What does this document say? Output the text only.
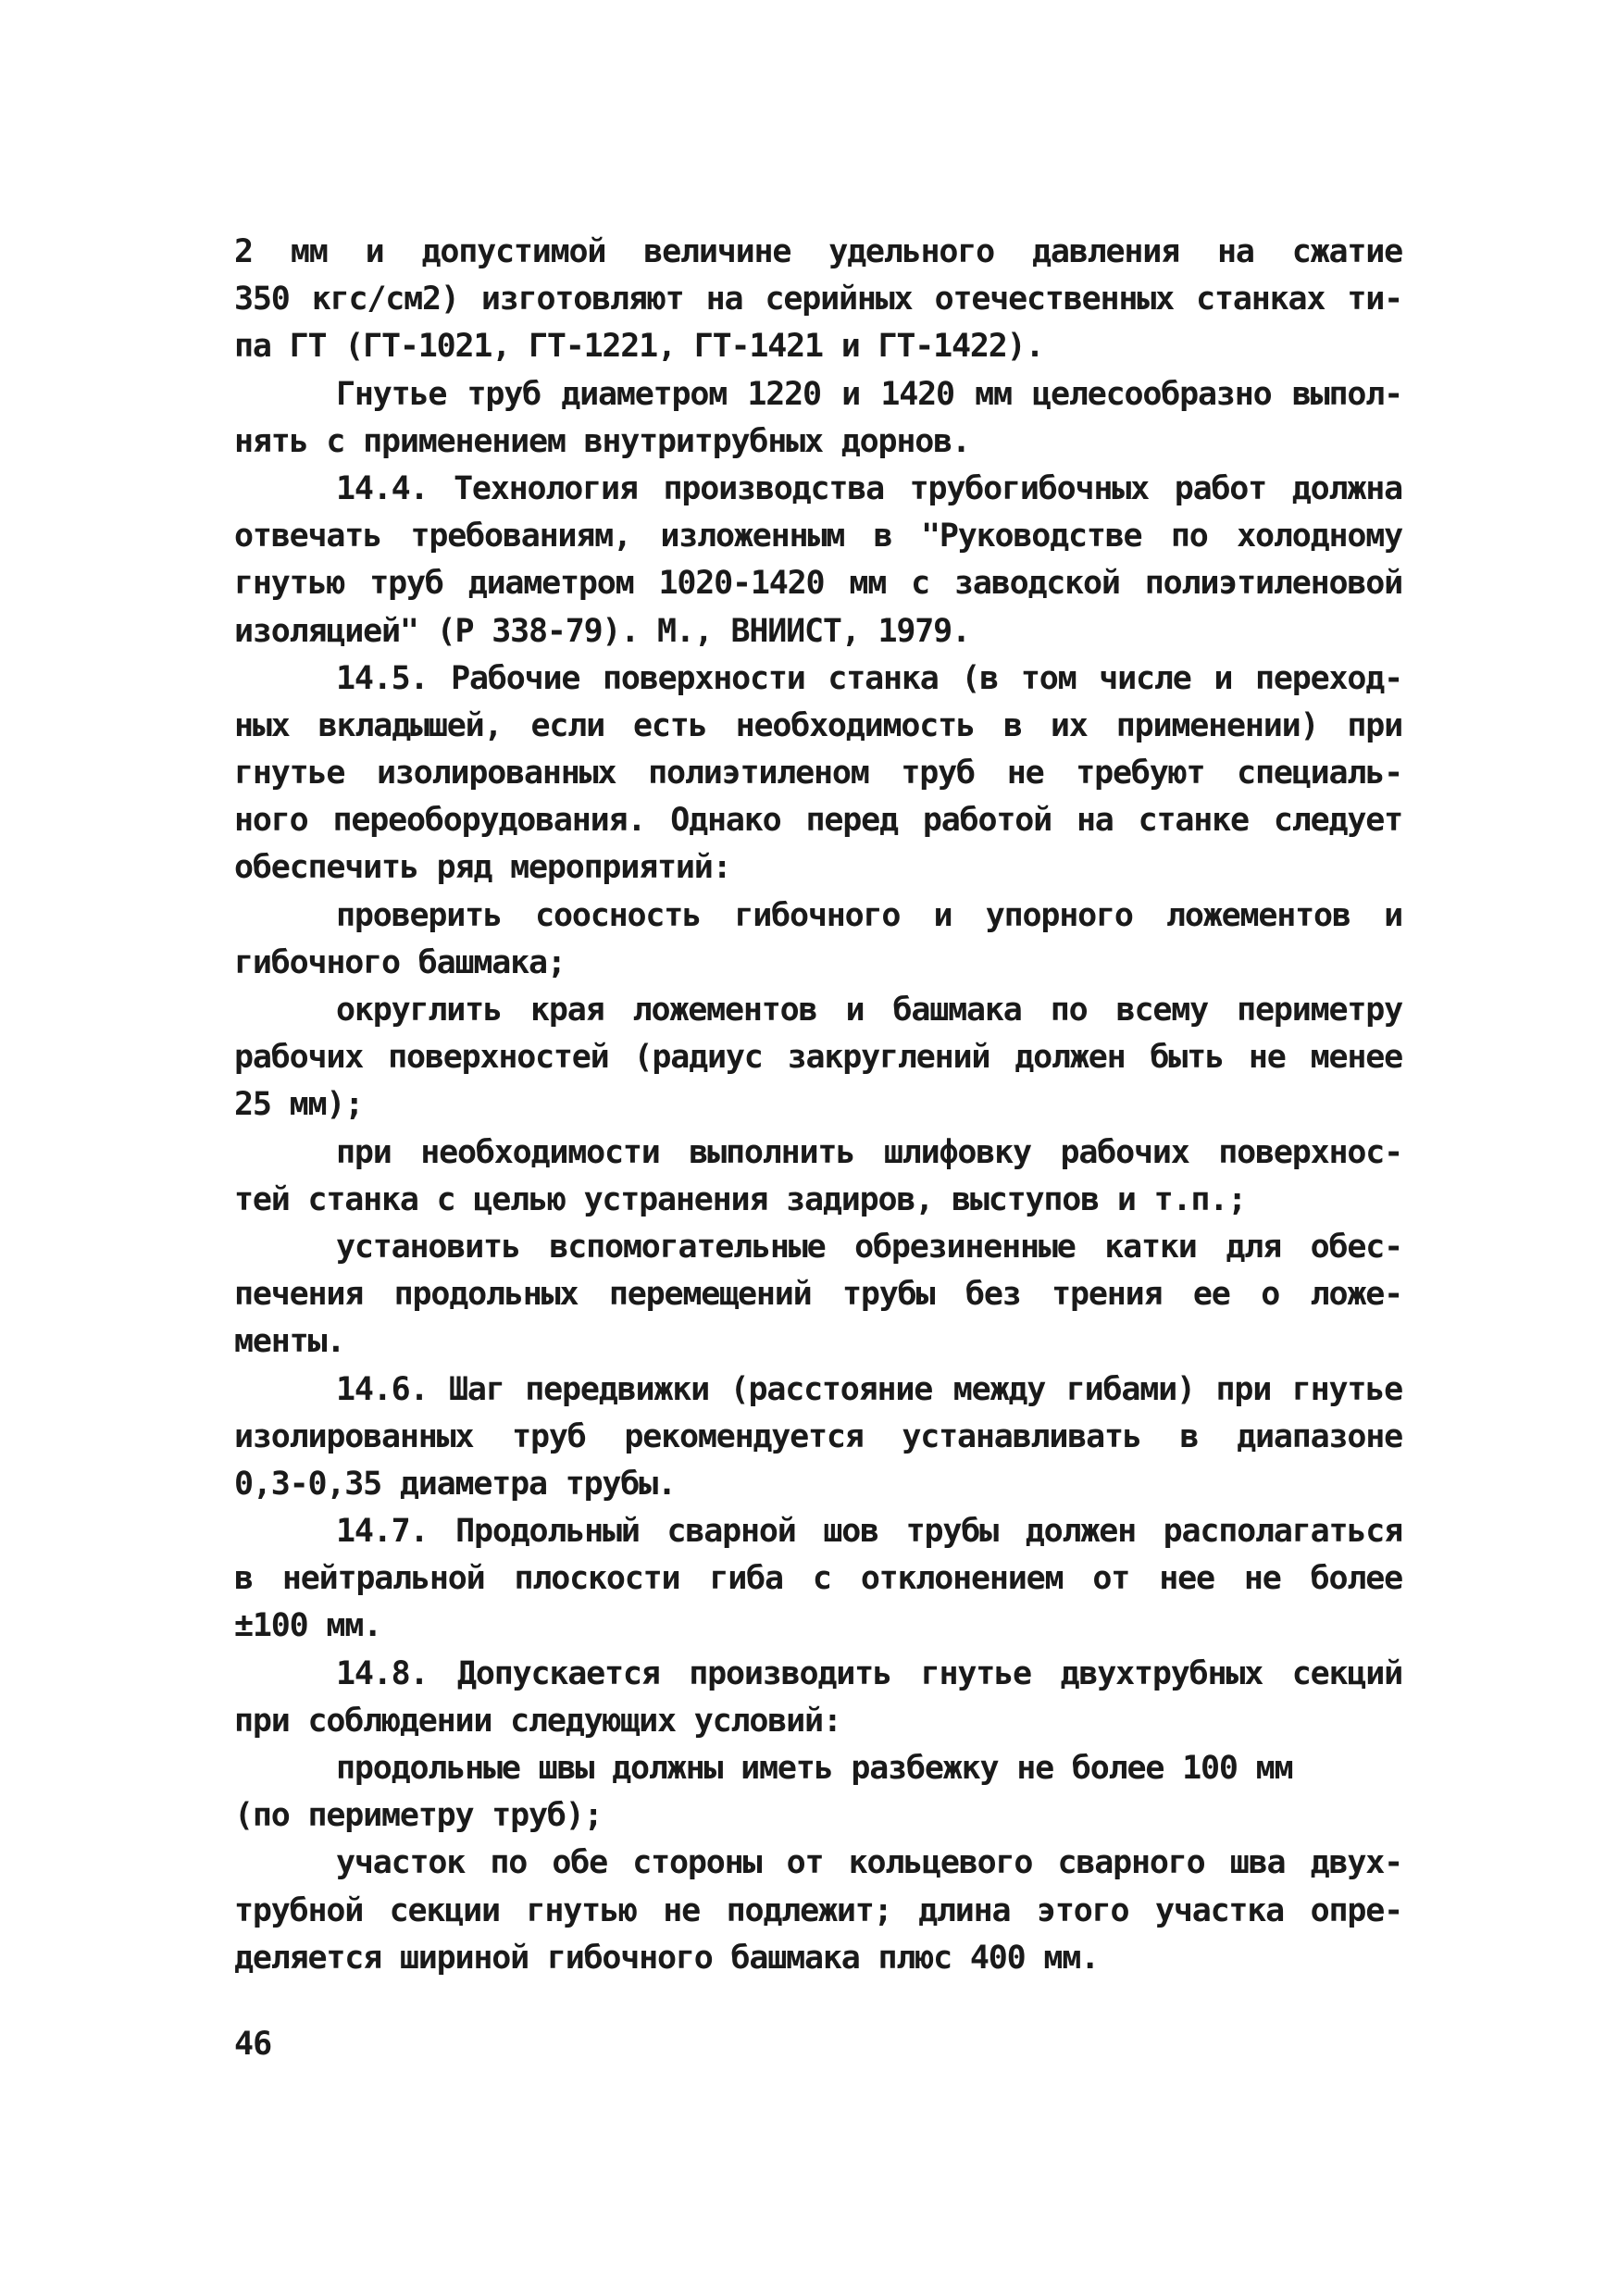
2 мм и допустимой величине удельного давления на сжатие
350 кгс/см2) изготовляют на серийных отечественных станках ти-
па ГТ (ГТ-1021, ГТ-1221, ГТ-1421 и ГТ-1422).
Гнутье труб диаметром 1220 и 1420 мм целесообразно выпол-
нять с применением внутритрубных дорнов.
14.4. Технология производства трубогибочных работ должна
отвечать требованиям, изложенным в "Руководстве по холодному
гнутью труб диаметром 1020-1420 мм с заводской полиэтиленовой
изоляцией" (Р 338-79). М., ВНИИСТ, 1979.
14.5. Рабочие поверхности станка (в том числе и переход-
ных вкладышей, если есть необходимость в их применении) при
гнутье изолированных полиэтиленом труб не требуют специаль-
ного переоборудования. Однако перед работой на станке следует
обеспечить ряд мероприятий:
проверить соосность гибочного и упорного ложементов и
гибочного башмака;
округлить края ложементов и башмака по всему периметру
рабочих поверхностей (радиус закруглений должен быть не менее
25 мм);
при необходимости выполнить шлифовку рабочих поверхнос-
тей станка с целью устранения задиров, выступов и т.п.;
установить вспомогательные обрезиненные катки для обес-
печения продольных перемещений трубы без трения ее о ложе-
менты.
14.6. Шаг передвижки (расстояние между гибами) при гнутье
изолированных труб рекомендуется устанавливать в диапазоне
0,3-0,35 диаметра трубы.
14.7. Продольный сварной шов трубы должен располагаться
в нейтральной плоскости гиба с отклонением от нее не более
±100 мм.
14.8. Допускается производить гнутье двухтрубных секций
при соблюдении следующих условий:
продольные швы должны иметь разбежку не более 100 мм
(по периметру труб);
участок по обе стороны от кольцевого сварного шва двух-
трубной секции гнутью не подлежит; длина этого участка опре-
деляется шириной гибочного башмака плюс 400 мм.
46
